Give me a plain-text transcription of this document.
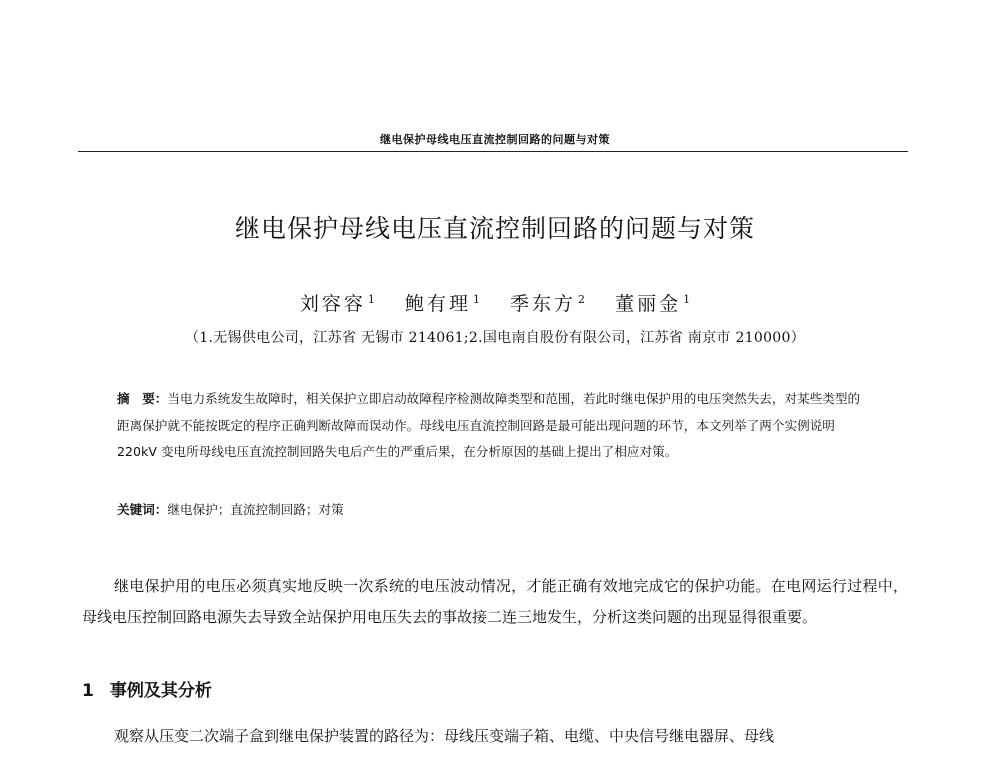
继电保护母线电压直流控制回路的问题与对策
继电保护母线电压直流控制回路的问题与对策
刘容容 $^1$ 鲍有理 $^1$ 季东方 $^2$ 董丽金 $^1$
（1.无锡供电公司，江苏省 无锡市 214061;2.国电南自股份有限公司，江苏省 南京市 210000）

摘　要：当电力系统发生故障时，相关保护立即启动故障程序检测故障类型和范围，若此时继电保护用的电压突然失去，对某些类型的距离保护就不能按既定的程序正确判断故障而误动作。母线电压直流控制回路是最可能出现问题的环节，本文列举了两个实例说明 220kV 变电所母线电压直流控制回路失电后产生的严重后果，在分析原因的基础上提出了相应对策。

关键词：继电保护；直流控制回路；对策

继电保护用的电压必须真实地反映一次系统的电压波动情况，才能正确有效地完成它的保护功能。在电网运行过程中，母线电压控制回路电源失去导致全站保护用电压失去的事故接二连三地发生，分析这类问题的出现显得很重要。

1 事例及其分析

观察从压变二次端子盒到继电保护装置的路径为：母线压变端子箱、电缆、中央信号继电器屏、母线
